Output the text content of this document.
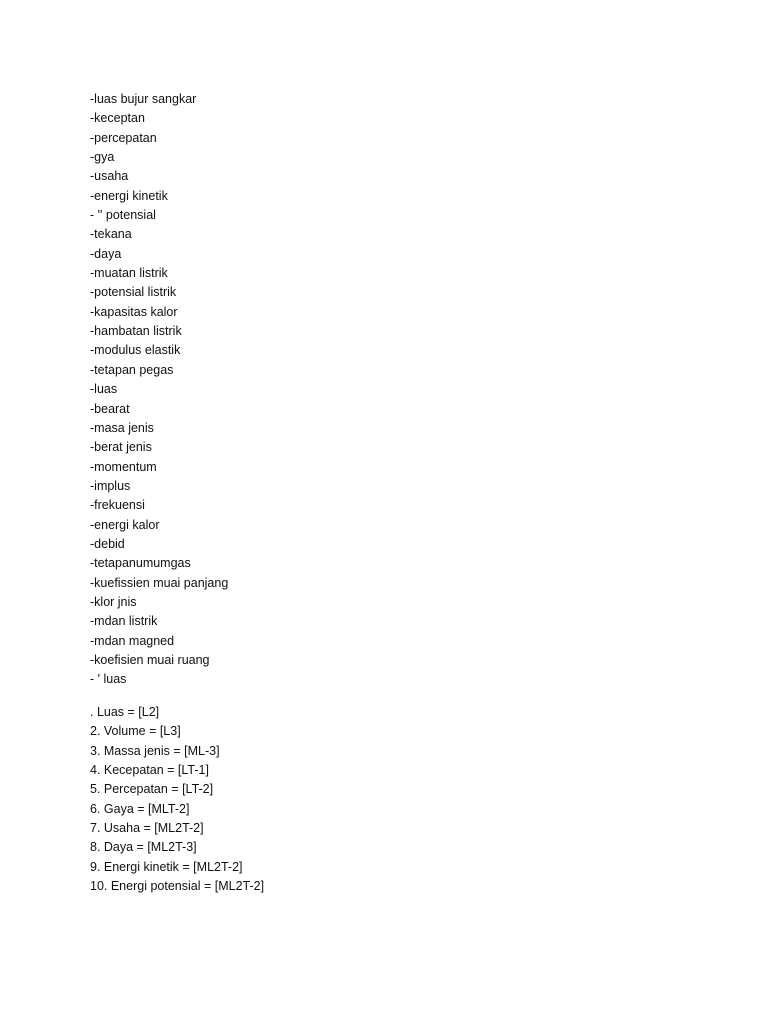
-luas bujur sangkar
-keceptan
-percepatan
-gya
-usaha
-energi kinetik
- '' potensial
-tekana
-daya
-muatan listrik
-potensial listrik
-kapasitas kalor
-hambatan listrik
-modulus elastik
-tetapan pegas
-luas
-bearat
-masa jenis
-berat jenis
-momentum
-implus
-frekuensi
-energi kalor
-debid
-tetapanumumgas
-kuefissien muai panjang
-klor jnis
-mdan listrik
-mdan magned
-koefisien muai ruang
- ' luas
. Luas = [L2]
2. Volume = [L3]
3. Massa jenis = [ML-3]
4. Kecepatan = [LT-1]
5. Percepatan = [LT-2]
6. Gaya = [MLT-2]
7. Usaha = [ML2T-2]
8. Daya = [ML2T-3]
9. Energi kinetik = [ML2T-2]
10. Energi potensial = [ML2T-2]
